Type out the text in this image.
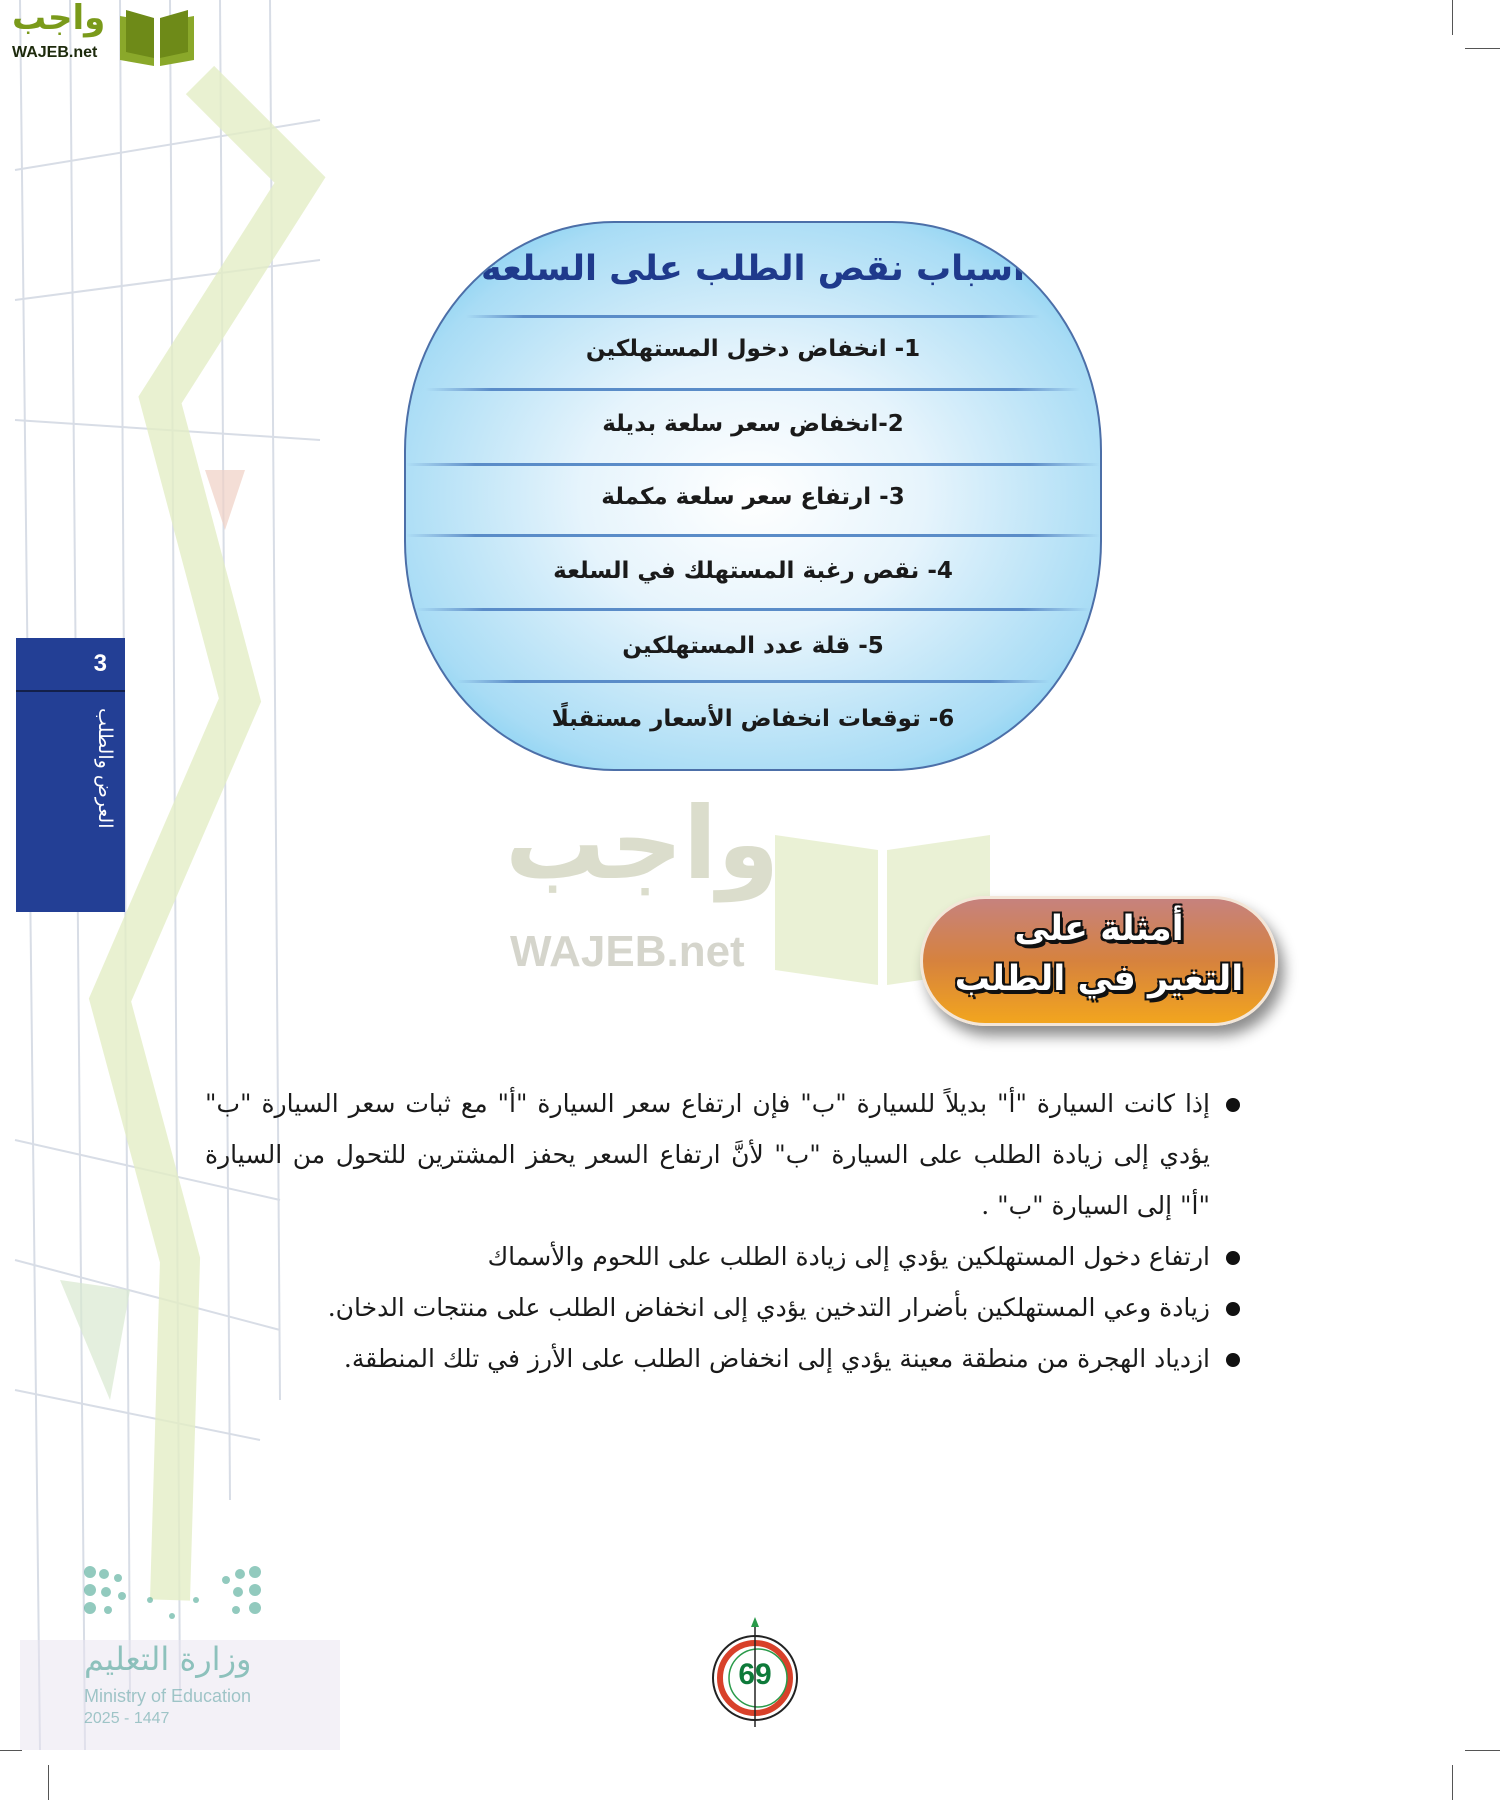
واجب
WAJEB.net
3
العرض والطلب
أسباب نقص الطلب على السلعة
1- انخفاض دخول المستهلكين
2-انخفاض سعر سلعة بديلة
3- ارتفاع سعر سلعة مكملة
4- نقص رغبة المستهلك في السلعة
5- قلة عدد المستهلكين
6- توقعات انخفاض الأسعار مستقبلًا
واجب
WAJEB.net	أمثلة على
التغير في الطلب
إذا كانت السيارة "أ" بديلاً للسيارة "ب" فإن ارتفاع سعر السيارة "أ" مع ثبات سعر السيارة "ب" يؤدي إلى زيادة الطلب على السيارة "ب" لأنَّ ارتفاع السعر يحفز المشترين للتحول من السيارة "أ" إلى السيارة "ب" .
ارتفاع دخول المستهلكين يؤدي إلى زيادة الطلب على اللحوم والأسماك
زيادة وعي المستهلكين بأضرار التدخين يؤدي إلى انخفاض الطلب على منتجات الدخان.
ازدياد الهجرة من منطقة معينة يؤدي إلى انخفاض الطلب على الأرز في تلك المنطقة.
وزارة التعليم
Ministry of Education
2025 - 1447
69
